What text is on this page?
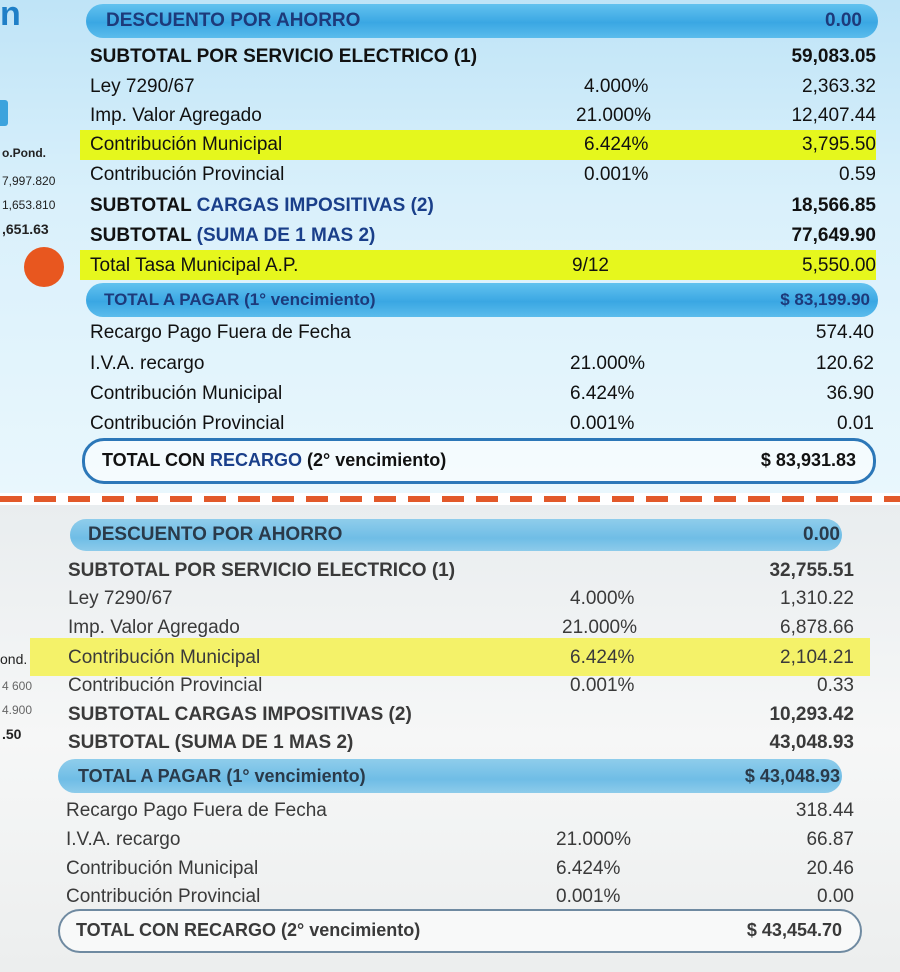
n
o.Pond.
7,997.820
1,653.810
,651.63
DESCUENTO POR AHORRO	0.00
SUBTOTAL POR SERVICIO ELECTRICO (1)	59,083.05
Ley 7290/67	4.000%	2,363.32
Imp. Valor Agregado	21.000%	12,407.44
Contribución Municipal	6.424%	3,795.50
Contribución Provincial	0.001%	0.59
SUBTOTAL CARGAS IMPOSITIVAS (2)	18,566.85
SUBTOTAL (SUMA DE 1 MAS 2)	77,649.90
Total Tasa Municipal A.P.	9/12	5,550.00
TOTAL A PAGAR (1° vencimiento)	$ 83,199.90
Recargo Pago Fuera de Fecha	574.40
I.V.A. recargo	21.000%	120.62
Contribución Municipal	6.424%	36.90
Contribución Provincial	0.001%	0.01
TOTAL CON RECARGO (2° vencimiento)	$ 83,931.83
ond.
4 600
4.900
.50
DESCUENTO POR AHORRO	0.00
SUBTOTAL POR SERVICIO ELECTRICO (1)	32,755.51
Ley 7290/67	4.000%	1,310.22
Imp. Valor Agregado	21.000%	6,878.66
Contribución Municipal	6.424%	2,104.21
Contribución Provincial	0.001%	0.33
SUBTOTAL CARGAS IMPOSITIVAS (2)	10,293.42
SUBTOTAL (SUMA DE 1 MAS 2)	43,048.93
TOTAL A PAGAR (1° vencimiento)	$ 43,048.93
Recargo Pago Fuera de Fecha	318.44
I.V.A. recargo	21.000%	66.87
Contribución Municipal	6.424%	20.46
Contribución Provincial	0.001%	0.00
TOTAL CON RECARGO (2° vencimiento)	$ 43,454.70
